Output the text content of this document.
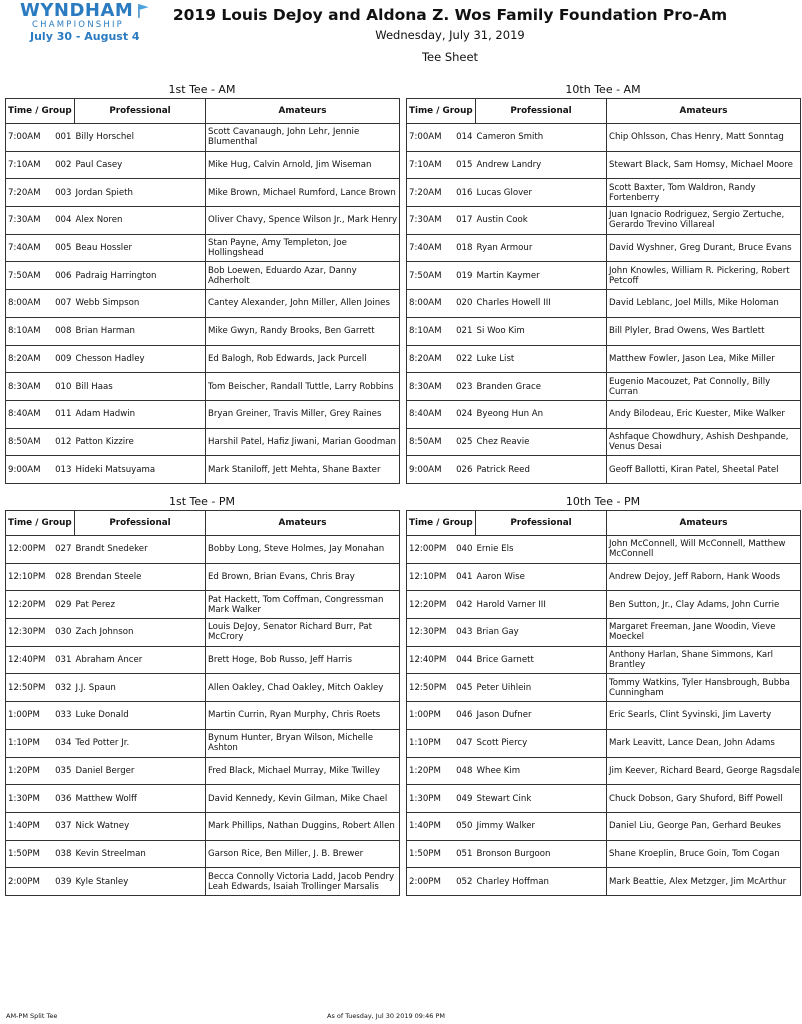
WYNDHAM
CHAMPIONSHIP
July 30 - August 4
2019 Louis DeJoy and Aldona Z. Wos Family Foundation Pro-Am
Wednesday, July 31, 2019
Tee Sheet
1st Tee - AM
Time / Group		Professional	Amateurs
7:00AM	001	Billy Horschel	Scott Cavanaugh, John Lehr, Jennie Blumenthal
7:10AM	002	Paul Casey	Mike Hug, Calvin Arnold, Jim Wiseman
7:20AM	003	Jordan Spieth	Mike Brown, Michael Rumford, Lance Brown
7:30AM	004	Alex Noren	Oliver Chavy, Spence Wilson Jr., Mark Henry
7:40AM	005	Beau Hossler	Stan Payne, Amy Templeton, Joe Hollingshead
7:50AM	006	Padraig Harrington	Bob Loewen, Eduardo Azar, Danny Adherholt
8:00AM	007	Webb Simpson	Cantey Alexander, John Miller, Allen Joines
8:10AM	008	Brian Harman	Mike Gwyn, Randy Brooks, Ben Garrett
8:20AM	009	Chesson Hadley	Ed Balogh, Rob Edwards, Jack Purcell
8:30AM	010	Bill Haas	Tom Beischer, Randall Tuttle, Larry Robbins
8:40AM	011	Adam Hadwin	Bryan Greiner, Travis Miller, Grey Raines
8:50AM	012	Patton Kizzire	Harshil Patel, Hafiz Jiwani, Marian Goodman
9:00AM	013	Hideki Matsuyama	Mark Staniloff, Jett Mehta, Shane Baxter
10th Tee - AM
Time / Group		Professional	Amateurs
7:00AM	014	Cameron Smith	Chip Ohlsson, Chas Henry, Matt Sonntag
7:10AM	015	Andrew Landry	Stewart Black, Sam Homsy, Michael Moore
7:20AM	016	Lucas Glover	Scott Baxter, Tom Waldron, Randy Fortenberry
7:30AM	017	Austin Cook	Juan Ignacio Rodriguez, Sergio Zertuche, Gerardo Trevino Villareal
7:40AM	018	Ryan Armour	David Wyshner, Greg Durant, Bruce Evans
7:50AM	019	Martin Kaymer	John Knowles, William R. Pickering, Robert Petcoff
8:00AM	020	Charles Howell III	David Leblanc, Joel Mills, Mike Holoman
8:10AM	021	Si Woo Kim	Bill Plyler, Brad Owens, Wes Bartlett
8:20AM	022	Luke List	Matthew Fowler, Jason Lea, Mike Miller
8:30AM	023	Branden Grace	Eugenio Macouzet, Pat Connolly, Billy Curran
8:40AM	024	Byeong Hun An	Andy Bilodeau, Eric Kuester, Mike Walker
8:50AM	025	Chez Reavie	Ashfaque Chowdhury, Ashish Deshpande, Venus Desai
9:00AM	026	Patrick Reed	Geoff Ballotti, Kiran Patel, Sheetal Patel
1st Tee - PM
Time / Group		Professional	Amateurs
12:00PM	027	Brandt Snedeker	Bobby Long, Steve Holmes, Jay Monahan
12:10PM	028	Brendan Steele	Ed Brown, Brian Evans, Chris Bray
12:20PM	029	Pat Perez	Pat Hackett, Tom Coffman, Congressman Mark Walker
12:30PM	030	Zach Johnson	Louis DeJoy, Senator Richard Burr, Pat McCrory
12:40PM	031	Abraham Ancer	Brett Hoge, Bob Russo, Jeff Harris
12:50PM	032	J.J. Spaun	Allen Oakley, Chad Oakley, Mitch Oakley
1:00PM	033	Luke Donald	Martin Currin, Ryan Murphy, Chris Roets
1:10PM	034	Ted Potter Jr.	Bynum Hunter, Bryan Wilson, Michelle Ashton
1:20PM	035	Daniel Berger	Fred Black, Michael Murray, Mike Twilley
1:30PM	036	Matthew Wolff	David Kennedy, Kevin Gilman, Mike Chael
1:40PM	037	Nick Watney	Mark Phillips, Nathan Duggins, Robert Allen
1:50PM	038	Kevin Streelman	Garson Rice, Ben Miller, J. B. Brewer
2:00PM	039	Kyle Stanley	Becca Connolly Victoria Ladd, Jacob Pendry Leah Edwards, Isaiah Trollinger Marsalis
10th Tee - PM
Time / Group		Professional	Amateurs
12:00PM	040	Ernie Els	John McConnell, Will McConnell, Matthew McConnell
12:10PM	041	Aaron Wise	Andrew Dejoy, Jeff Raborn, Hank Woods
12:20PM	042	Harold Varner III	Ben Sutton, Jr., Clay Adams, John Currie
12:30PM	043	Brian Gay	Margaret Freeman, Jane Woodin, Vieve Moeckel
12:40PM	044	Brice Garnett	Anthony Harlan, Shane Simmons, Karl Brantley
12:50PM	045	Peter Uihlein	Tommy Watkins, Tyler Hansbrough, Bubba Cunningham
1:00PM	046	Jason Dufner	Eric Searls, Clint Syvinski, Jim Laverty
1:10PM	047	Scott Piercy	Mark Leavitt, Lance Dean, John Adams
1:20PM	048	Whee Kim	Jim Keever, Richard Beard, George Ragsdale
1:30PM	049	Stewart Cink	Chuck Dobson, Gary Shuford, Biff Powell
1:40PM	050	Jimmy Walker	Daniel Liu, George Pan, Gerhard Beukes
1:50PM	051	Bronson Burgoon	Shane Kroeplin, Bruce Goin, Tom Cogan
2:00PM	052	Charley Hoffman	Mark Beattie, Alex Metzger, Jim McArthur
AM-PM Split Tee	As of Tuesday, Jul 30 2019 09:46 PM
